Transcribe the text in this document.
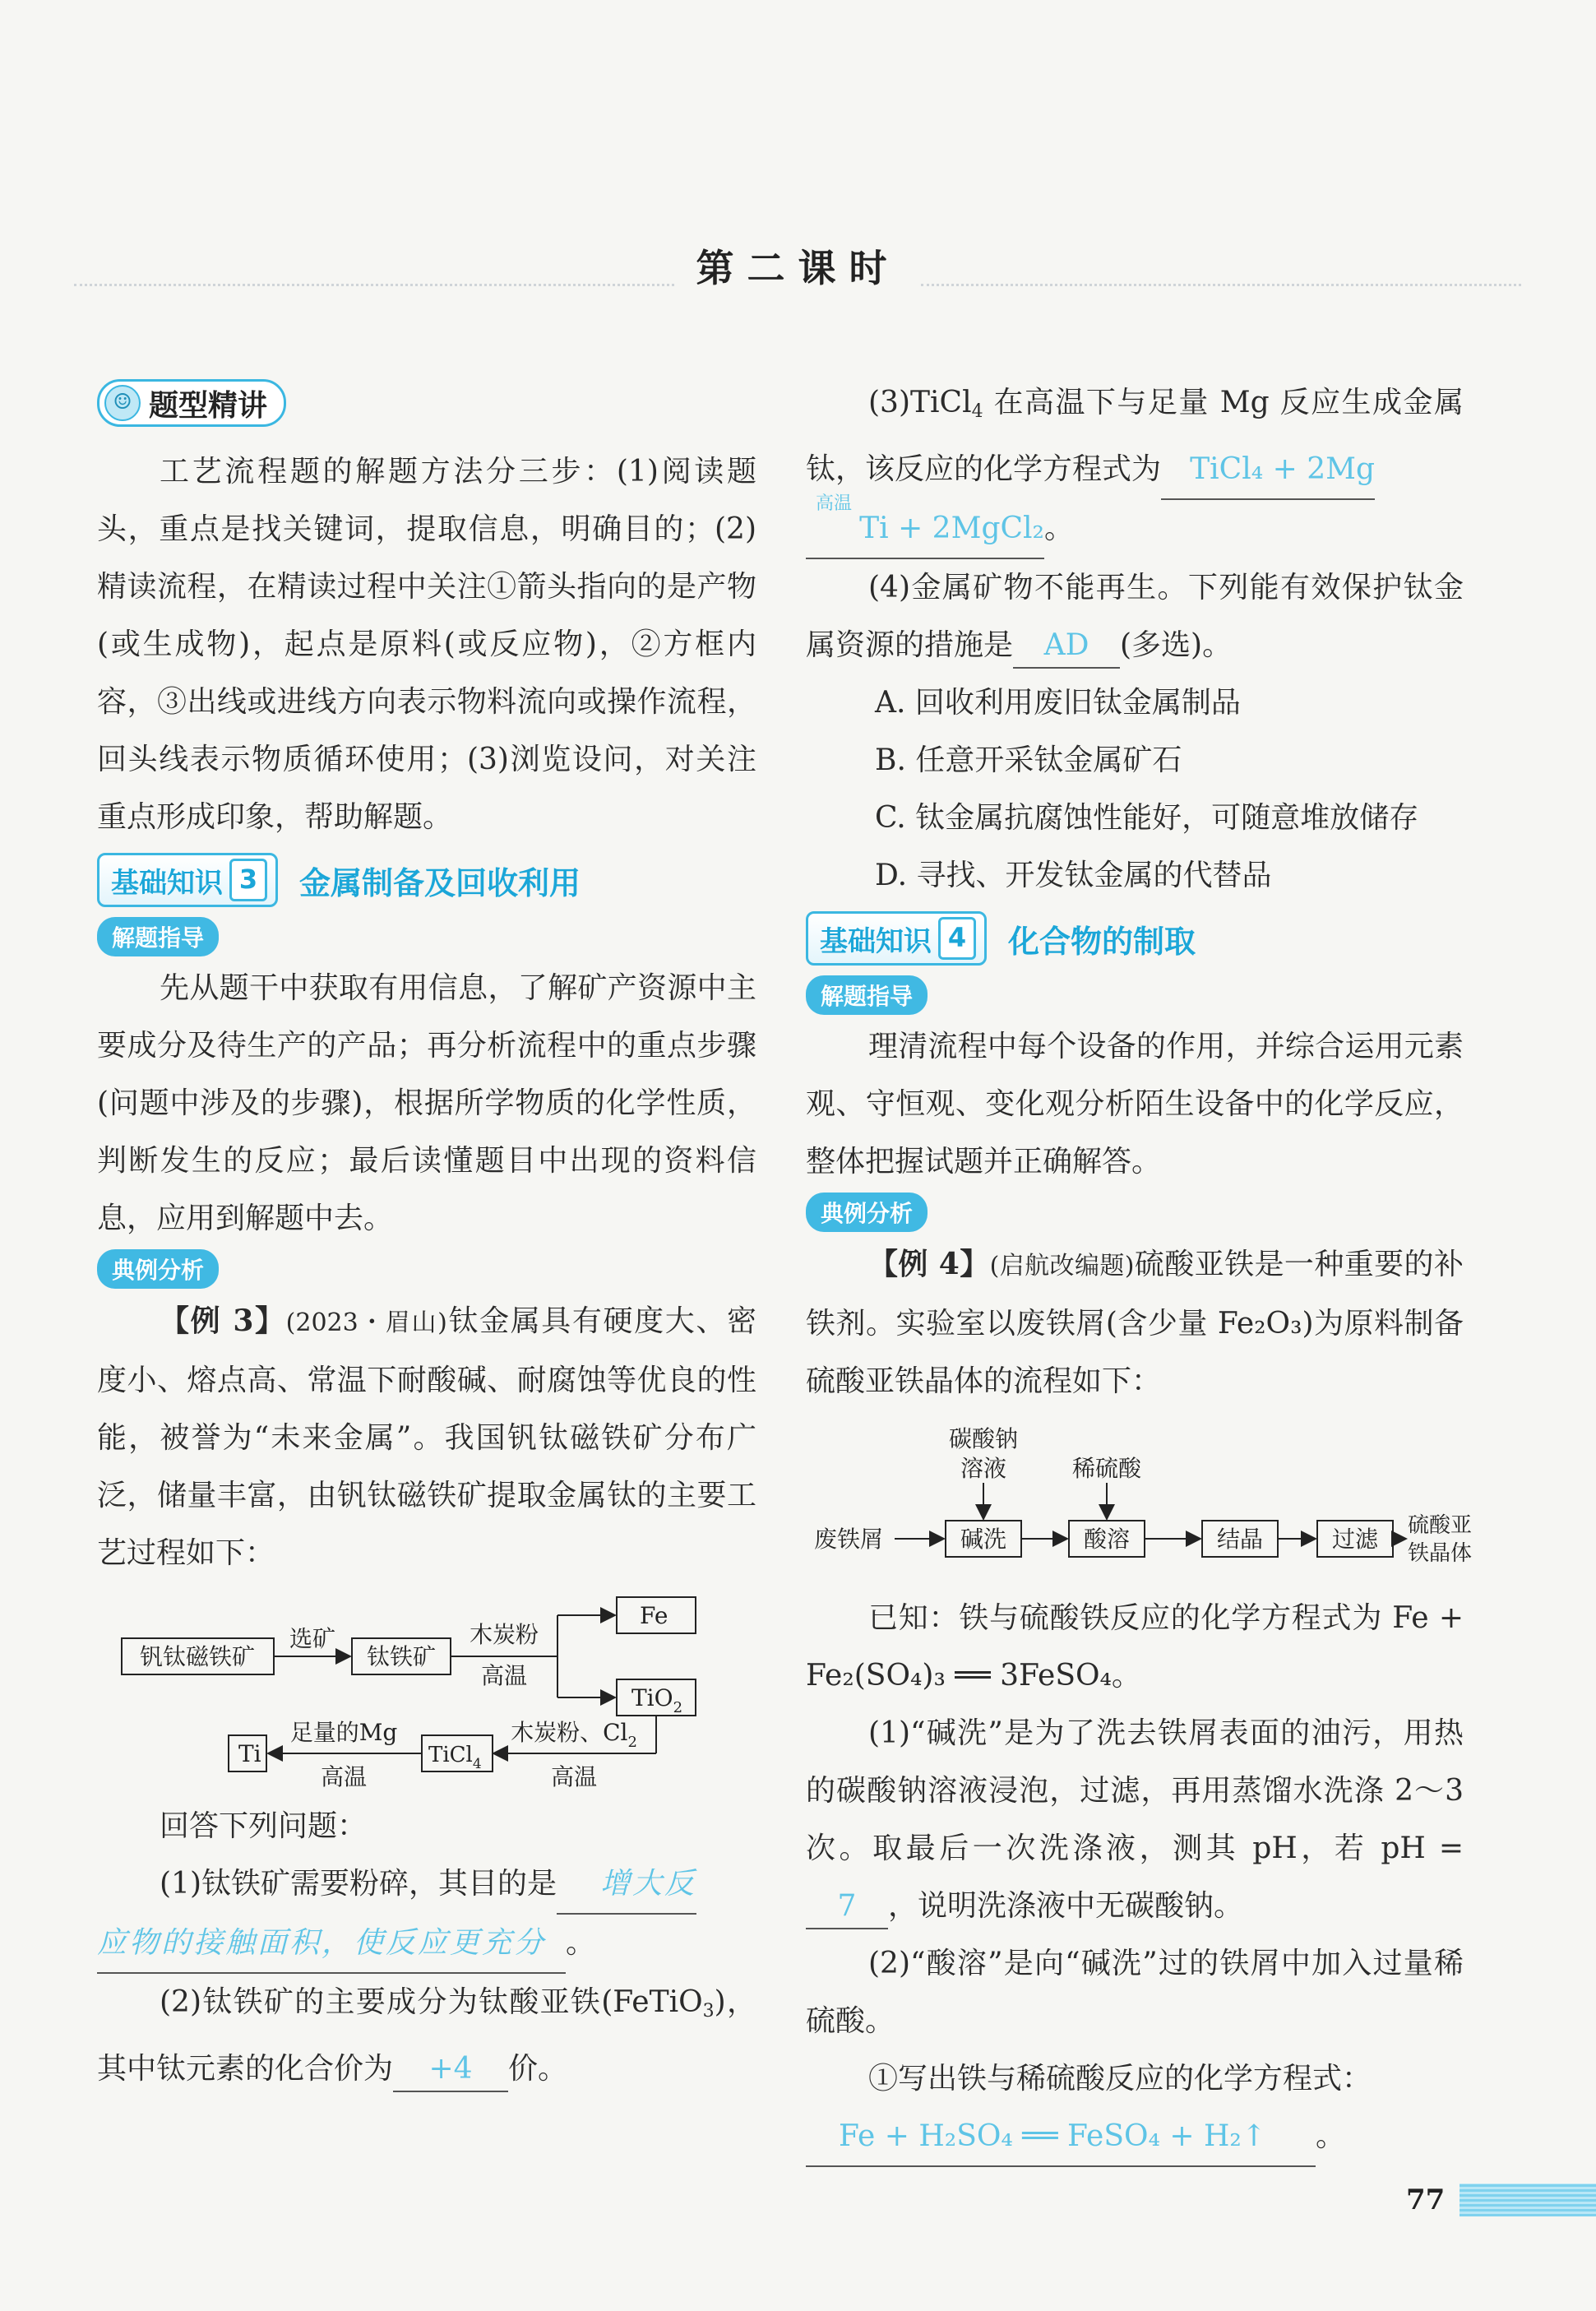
第二课时
☺ 题型精讲

工艺流程题的解题方法分三步：(1)阅读题头，重点是找关键词，提取信息，明确目的；(2)精读流程，在精读过程中关注①箭头指向的是产物(或生成物)，起点是原料(或反应物)，②方框内容，③出线或进线方向表示物料流向或操作流程，回头线表示物质循环使用；(3)浏览设问，对关注重点形成印象，帮助解题。

基础知识 3	金属制备及回收利用
解题指导

先从题干中获取有用信息，了解矿产资源中主要成分及待生产的产品；再分析流程中的重点步骤(问题中涉及的步骤)，根据所学物质的化学性质，判断发生的反应；最后读懂题目中出现的资料信息，应用到解题中去。

典例分析

【例 3】(2023・眉山)钛金属具有硬度大、密度小、熔点高、常温下耐酸碱、耐腐蚀等优良的性能，被誉为“未来金属”。我国钒钛磁铁矿分布广泛，储量丰富，由钒钛磁铁矿提取金属钛的主要工艺过程如下：

钒钛磁铁矿
选矿
钛铁矿
木炭粉
高温
Fe
TiO$_2$
木炭粉、$Cl_2$
高温
TiCl$_4$
足量的Mg
高温
Ti

回答下列问题：

(1)钛铁矿需要粉碎，其目的是 增大反
应物的接触面积，使反应更充分 。

(2)钛铁矿的主要成分为钛酸亚铁(FeTiO$_3$)，其中钛元素的化合价为 +4 价。

(3)TiCl$_4$ 在高温下与足量 Mg 反应生成金属钛，该反应的化学方程式为 TiCl₄ + 2Mg

高温
Ti + 2MgCl₂。

(4)金属矿物不能再生。下列能有效保护钛金属资源的措施是 AD (多选)。

A. 回收利用废旧钛金属制品

B. 任意开采钛金属矿石

C. 钛金属抗腐蚀性能好，可随意堆放储存

D. 寻找、开发钛金属的代替品

基础知识 4	化合物的制取
解题指导

理清流程中每个设备的作用，并综合运用元素观、守恒观、变化观分析陌生设备中的化学反应，整体把握试题并正确解答。

典例分析

【例 4】(启航改编题)硫酸亚铁是一种重要的补铁剂。实验室以废铁屑(含少量 Fe₂O₃)为原料制备硫酸亚铁晶体的流程如下：

废铁屑
碳酸钠
溶液
碱洗
稀硫酸
酸溶	结晶	过滤 硫酸亚
铁晶体

已知：铁与硫酸铁反应的化学方程式为 Fe + Fe₂(SO₄)₃ ══ 3FeSO₄。

(1)“碱洗”是为了洗去铁屑表面的油污，用热的碳酸钠溶液浸泡，过滤，再用蒸馏水洗涤 2～3 次。取最后一次洗涤液，测其 pH，若 pH =7 ，说明洗涤液中无碳酸钠。

(2)“酸溶”是向“碱洗”过的铁屑中加入过量稀硫酸。

①写出铁与稀硫酸反应的化学方程式：

Fe + H₂SO₄ ══ FeSO₄ + H₂↑ 。

77
